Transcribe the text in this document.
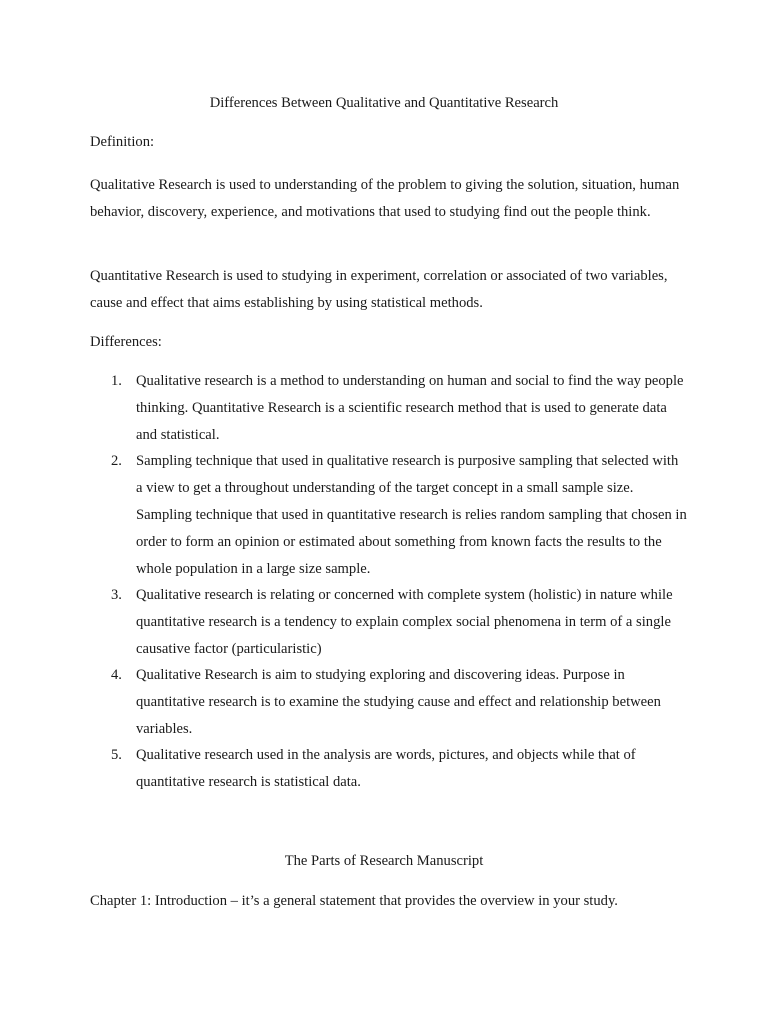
Differences Between Qualitative and Quantitative Research

Definition:

Qualitative Research is used to understanding of the problem to giving the solution, situation, human behavior, discovery, experience, and motivations that used to studying find out the people think.

Quantitative Research is used to studying in experiment, correlation or associated of two variables, cause and effect that aims establishing by using statistical methods.

Differences:

1. Qualitative research is a method to understanding on human and social to find the way people thinking. Quantitative Research is a scientific research method that is used to generate data and statistical.
2. Sampling technique that used in qualitative research is purposive sampling that selected with a view to get a throughout understanding of the target concept in a small sample size. Sampling technique that used in quantitative research is relies random sampling that chosen in order to form an opinion or estimated about something from known facts the results to the whole population in a large size sample.
3. Qualitative research is relating or concerned with complete system (holistic) in nature while quantitative research is a tendency to explain complex social phenomena in term of a single causative factor (particularistic)
4. Qualitative Research is aim to studying exploring and discovering ideas. Purpose in quantitative research is to examine the studying cause and effect and relationship between variables.
5. Qualitative research used in the analysis are words, pictures, and objects while that of quantitative research is statistical data.
The Parts of Research Manuscript

Chapter 1: Introduction – it’s a general statement that provides the overview in your study.
